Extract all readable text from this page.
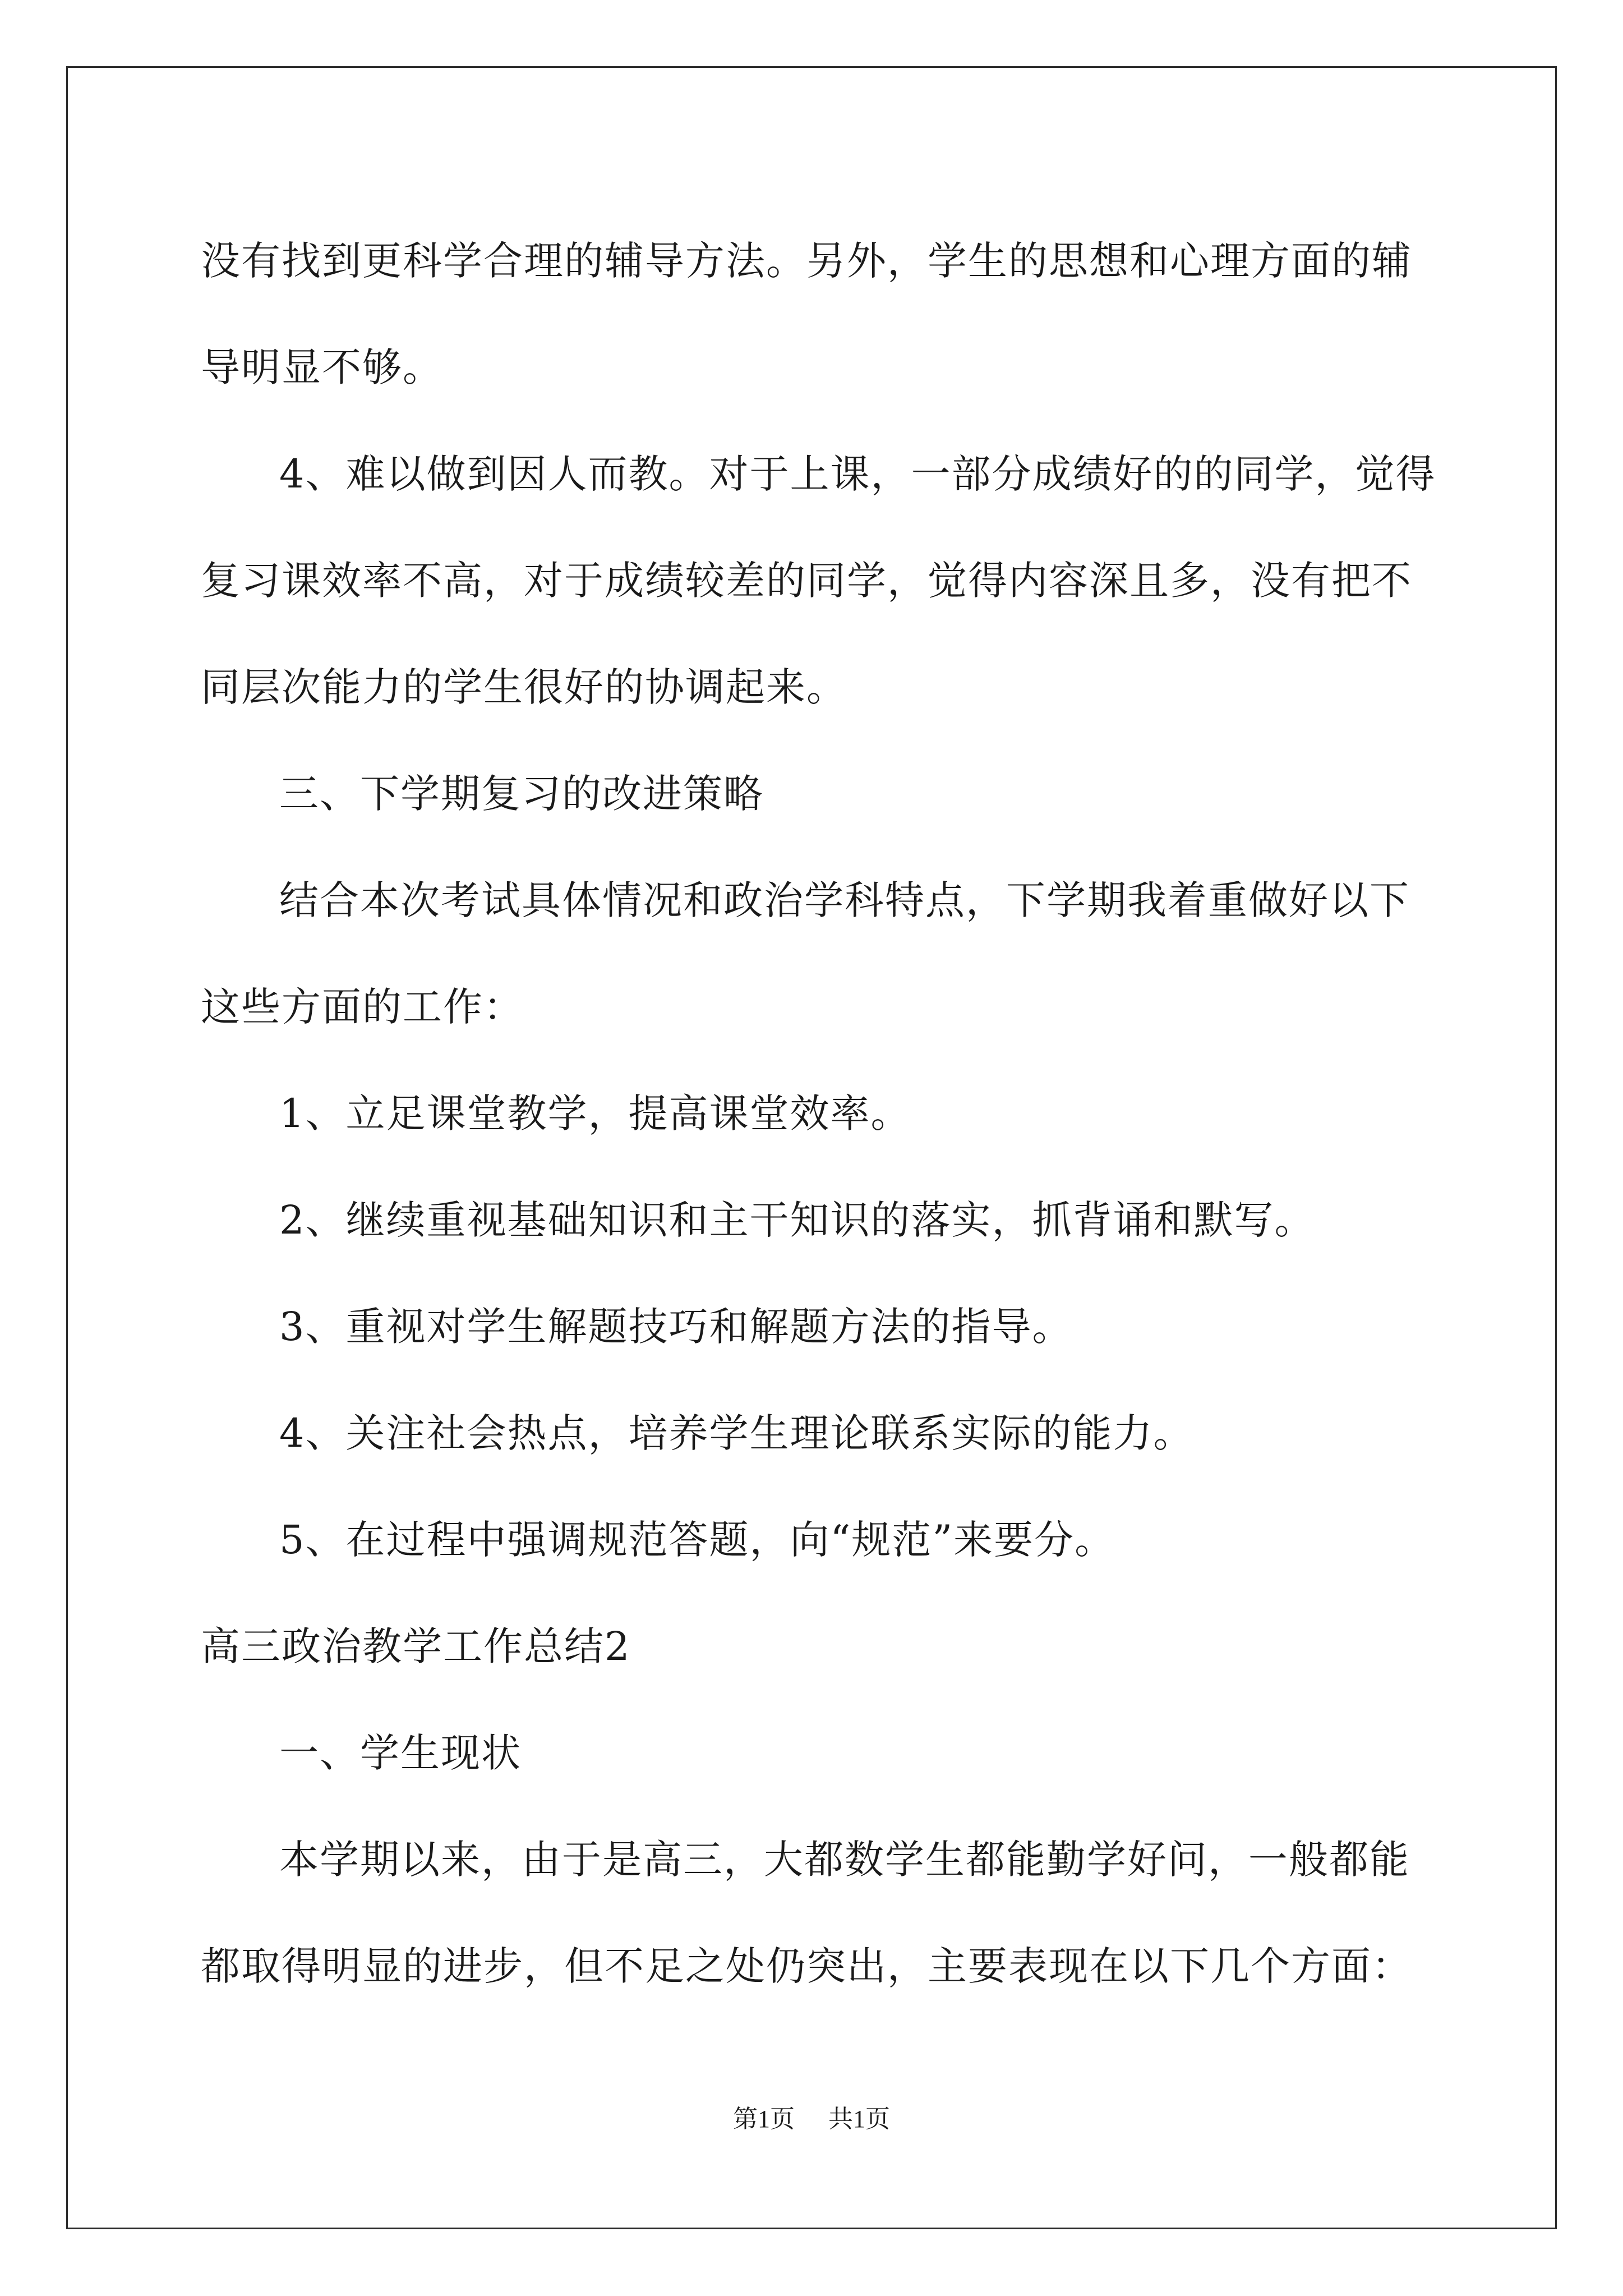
没有找到更科学合理的辅导方法。另外，学生的思想和心理方面的辅

导明显不够。

4、难以做到因人而教。对于上课，一部分成绩好的的同学，觉得

复习课效率不高，对于成绩较差的同学，觉得内容深且多，没有把不

同层次能力的学生很好的协调起来。

三、下学期复习的改进策略

结合本次考试具体情况和政治学科特点，下学期我着重做好以下

这些方面的工作：

1、立足课堂教学，提高课堂效率。

2、继续重视基础知识和主干知识的落实，抓背诵和默写。

3、重视对学生解题技巧和解题方法的指导。

4、关注社会热点，培养学生理论联系实际的能力。

5、在过程中强调规范答题，向“规范”来要分。

高三政治教学工作总结2

一、学生现状

本学期以来，由于是高三，大都数学生都能勤学好问，一般都能

都取得明显的进步，但不足之处仍突出，主要表现在以下几个方面：

第1页 共1页
